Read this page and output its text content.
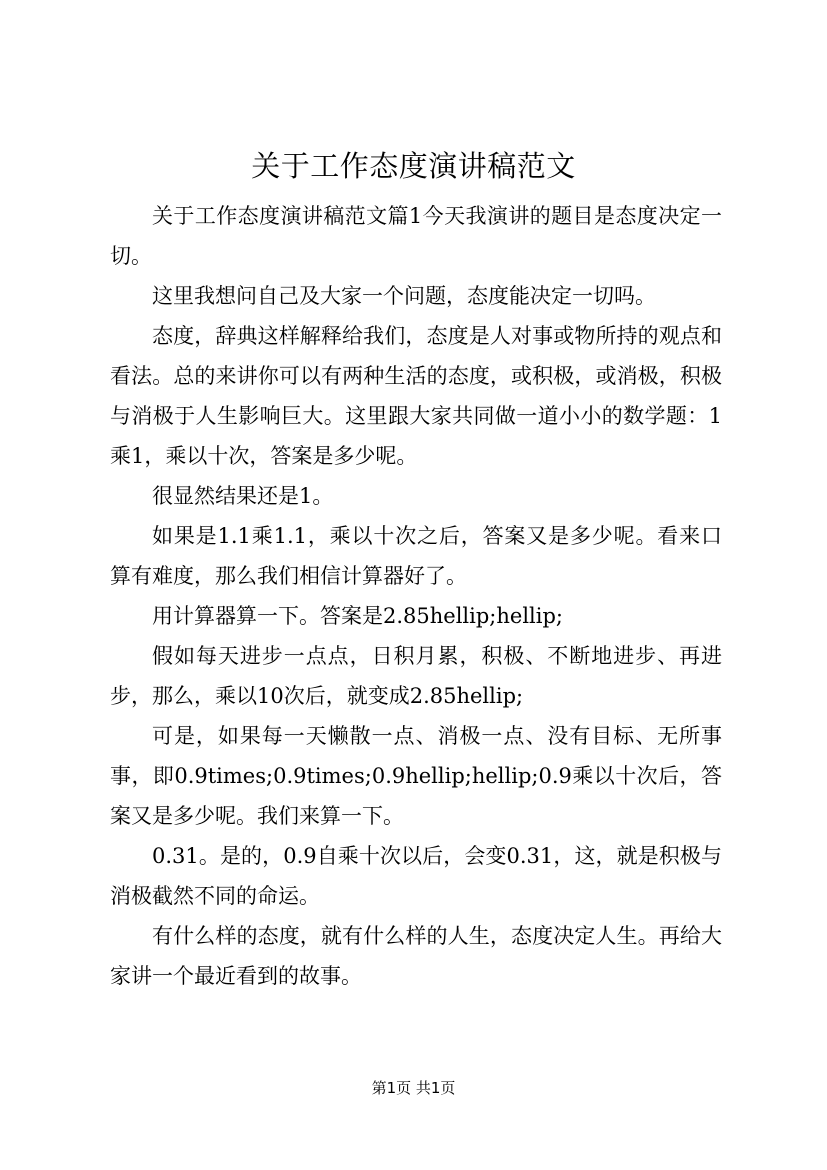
关于工作态度演讲稿范文

关于工作态度演讲稿范文篇1今天我演讲的题目是态度决定一切。

这里我想问自己及大家一个问题，态度能决定一切吗。

态度，辞典这样解释给我们，态度是人对事或物所持的观点和看法。总的来讲你可以有两种生活的态度，或积极，或消极，积极与消极于人生影响巨大。这里跟大家共同做一道小小的数学题：1乘1，乘以十次，答案是多少呢。

很显然结果还是1。

如果是1.1乘1.1，乘以十次之后，答案又是多少呢。看来口算有难度，那么我们相信计算器好了。

用计算器算一下。答案是2.85hellip;hellip;

假如每天进步一点点，日积月累，积极、不断地进步、再进步，那么，乘以10次后，就变成2.85hellip;

可是，如果每一天懒散一点、消极一点、没有目标、无所事事，即0.9times;0.9times;0.9hellip;hellip;0.9乘以十次后，答案又是多少呢。我们来算一下。

0.31。是的，0.9自乘十次以后，会变0.31，这，就是积极与消极截然不同的命运。

有什么样的态度，就有什么样的人生，态度决定人生。再给大家讲一个最近看到的故事。

第1页 共1页
